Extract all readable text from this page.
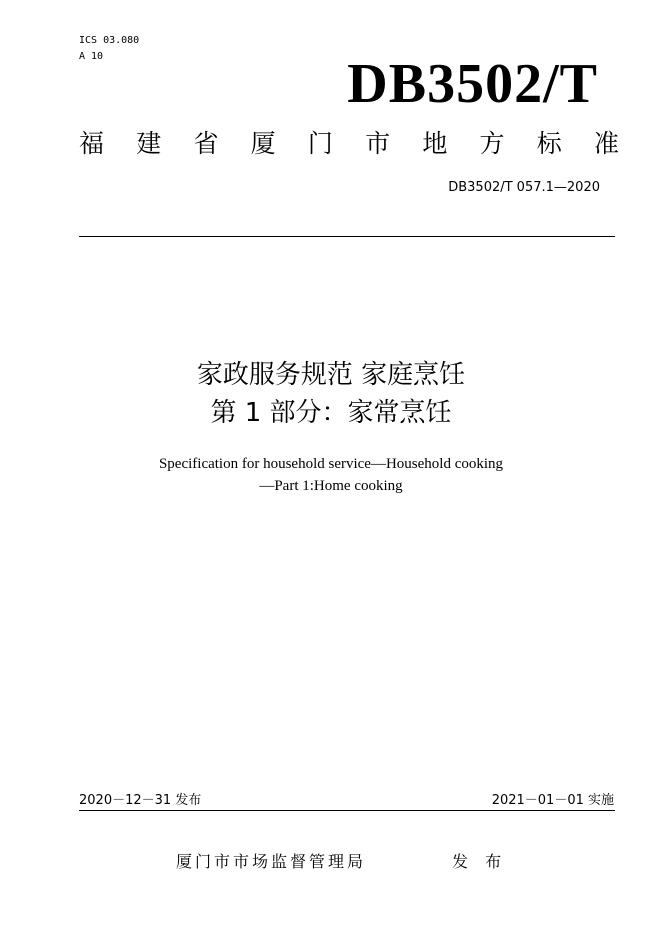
ICS 03.080
A 10	DB3502/T
福 建 省 厦 门 市 地 方 标 准
DB3502/T 057.1—2020
家政服务规范 家庭烹饪
第 1 部分：家常烹饪
Specification for household service—Household cooking
—Part 1:Home cooking
2020－12－31 发布	2021－01－01 实施
厦门市市场监督管理局	发 布
